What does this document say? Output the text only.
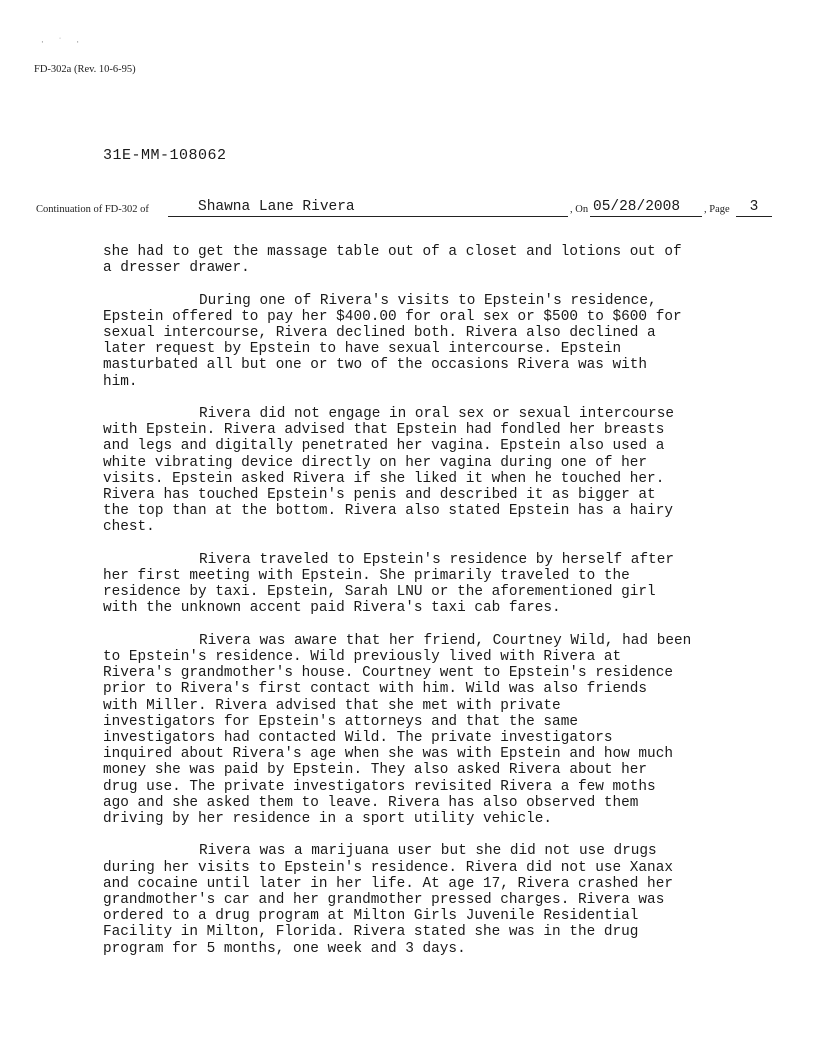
· ˙ ·
FD-302a (Rev. 10-6-95)
31E-MM-108062
Continuation of FD-302 of	Shawna Lane Rivera	, On 05/28/2008 , Page	3

she had to get the massage table out of a closet and lotions out of
a dresser drawer.

During one of Rivera's visits to Epstein's residence,
Epstein offered to pay her $400.00 for oral sex or $500 to $600 for
sexual intercourse, Rivera declined both. Rivera also declined a
later request by Epstein to have sexual intercourse. Epstein
masturbated all but one or two of the occasions Rivera was with
him.

Rivera did not engage in oral sex or sexual intercourse
with Epstein. Rivera advised that Epstein had fondled her breasts
and legs and digitally penetrated her vagina. Epstein also used a
white vibrating device directly on her vagina during one of her
visits. Epstein asked Rivera if she liked it when he touched her.
Rivera has touched Epstein's penis and described it as bigger at
the top than at the bottom. Rivera also stated Epstein has a hairy
chest.

Rivera traveled to Epstein's residence by herself after
her first meeting with Epstein. She primarily traveled to the
residence by taxi. Epstein, Sarah LNU or the aforementioned girl
with the unknown accent paid Rivera's taxi cab fares.

Rivera was aware that her friend, Courtney Wild, had been
to Epstein's residence. Wild previously lived with Rivera at
Rivera's grandmother's house. Courtney went to Epstein's residence
prior to Rivera's first contact with him. Wild was also friends
with Miller. Rivera advised that she met with private
investigators for Epstein's attorneys and that the same
investigators had contacted Wild. The private investigators
inquired about Rivera's age when she was with Epstein and how much
money she was paid by Epstein. They also asked Rivera about her
drug use. The private investigators revisited Rivera a few moths
ago and she asked them to leave. Rivera has also observed them
driving by her residence in a sport utility vehicle.

Rivera was a marijuana user but she did not use drugs
during her visits to Epstein's residence. Rivera did not use Xanax
and cocaine until later in her life. At age 17, Rivera crashed her
grandmother's car and her grandmother pressed charges. Rivera was
ordered to a drug program at Milton Girls Juvenile Residential
Facility in Milton, Florida. Rivera stated she was in the drug
program for 5 months, one week and 3 days.
